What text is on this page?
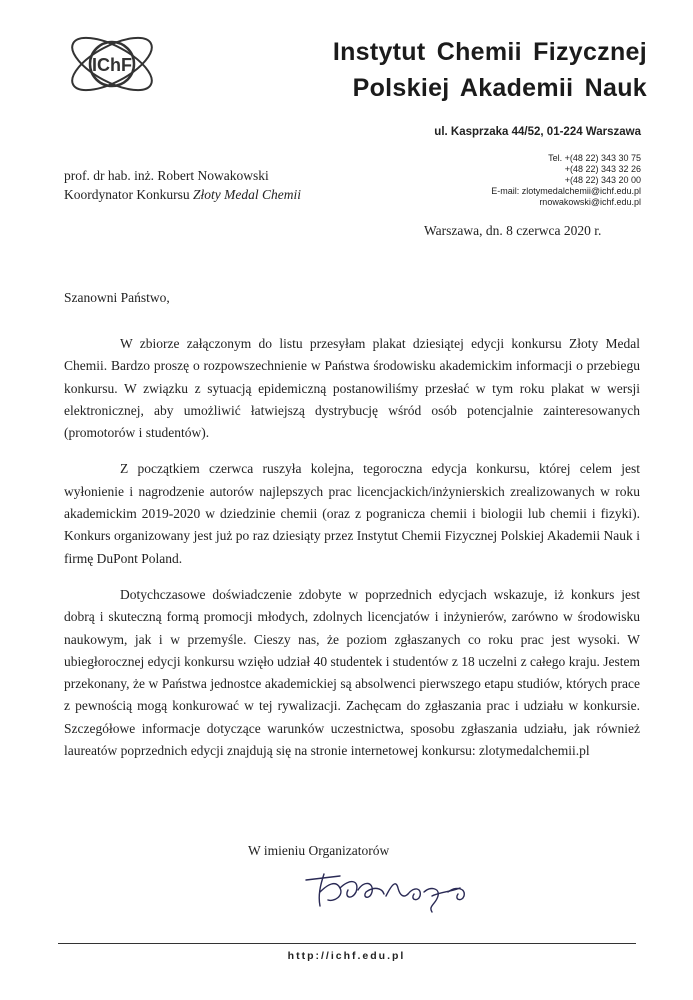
IChF	Instytut Chemii Fizycznej
Polskiej Akademii Nauk
ul. Kasprzaka 44/52, 01-224 Warszawa
Tel. +(48 22) 343 30 75
+(48 22) 343 32 26
+(48 22) 343 20 00
E-mail: zlotymedalchemii@ichf.edu.pl
rnowakowski@ichf.edu.pl
prof. dr hab. inż. Robert Nowakowski
Koordynator Konkursu Złoty Medal Chemii
Warszawa, dn. 8 czerwca 2020 r.
Szanowni Państwo,

W zbiorze załączonym do listu przesyłam plakat dziesiątej edycji konkursu Złoty Medal Chemii. Bardzo proszę o rozpowszechnienie w Państwa środowisku akademickim informacji o przebiegu konkursu. W związku z sytuacją epidemiczną postanowiliśmy przesłać w tym roku plakat w wersji elektronicznej, aby umożliwić łatwiejszą dystrybucję wśród osób potencjalnie zainteresowanych (promotorów i studentów).

Z początkiem czerwca ruszyła kolejna, tegoroczna edycja konkursu, której celem jest wyłonienie i nagrodzenie autorów najlepszych prac licencjackich/inżynierskich zrealizowanych w roku akademickim 2019-2020 w dziedzinie chemii (oraz z pogranicza chemii i biologii lub chemii i fizyki). Konkurs organizowany jest już po raz dziesiąty przez Instytut Chemii Fizycznej Polskiej Akademii Nauk i firmę DuPont Poland.

Dotychczasowe doświadczenie zdobyte w poprzednich edycjach wskazuje, iż konkurs jest dobrą i skuteczną formą promocji młodych, zdolnych licencjatów i inżynierów, zarówno w środowisku naukowym, jak i w przemyśle. Cieszy nas, że poziom zgłaszanych co roku prac jest wysoki. W ubiegłorocznej edycji konkursu wzięło udział 40 studentek i studentów z 18 uczelni z całego kraju. Jestem przekonany, że w Państwa jednostce akademickiej są absolwenci pierwszego etapu studiów, których prace z pewnością mogą konkurować w tej rywalizacji. Zachęcam do zgłaszania prac i udziału w konkursie. Szczegółowe informacje dotyczące warunków uczestnictwa, sposobu zgłaszania udziału, jak również laureatów poprzednich edycji znajdują się na stronie internetowej konkursu: zlotymedalchemii.pl

W imieniu Organizatorów
http://ichf.edu.pl
